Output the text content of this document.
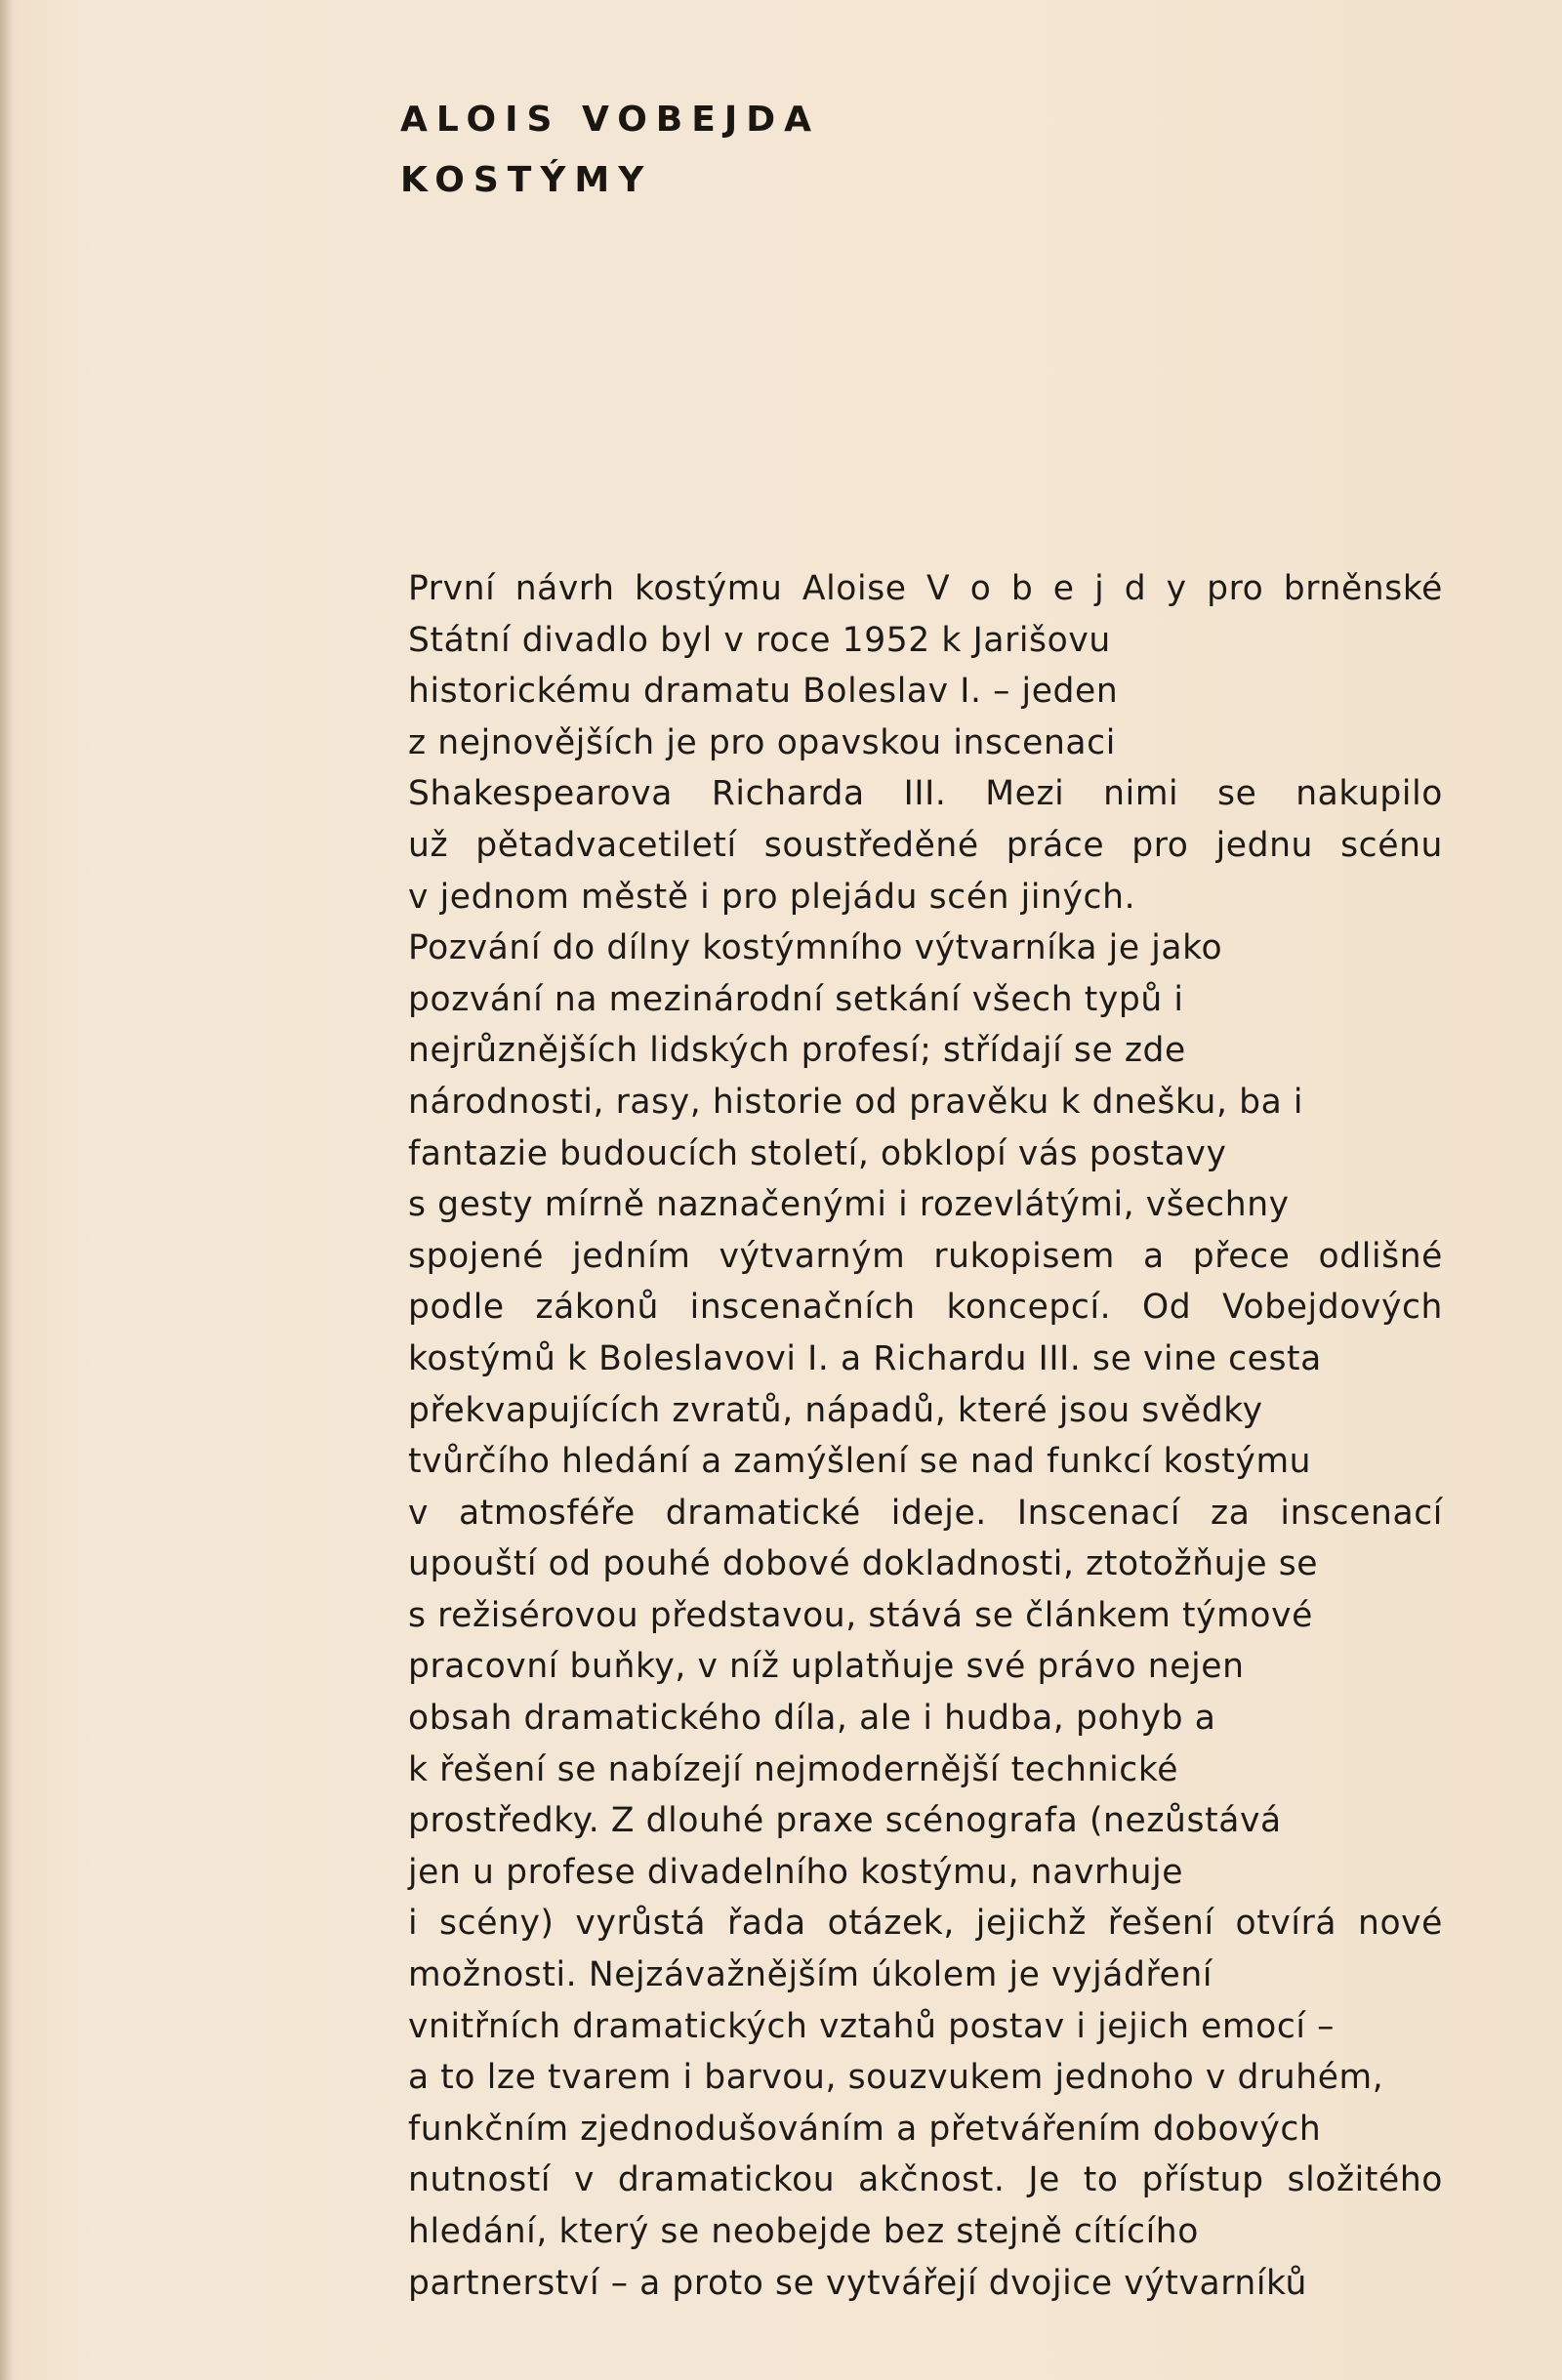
ALOIS VOBEJDA
KOSTÝMY
První návrh kostýmu Aloise V o b e j d y pro brněnské
Státní divadlo byl v roce 1952 k Jarišovu
historickému dramatu Boleslav I. – jeden
z nejnovějších je pro opavskou inscenaci
Shakespearova Richarda III. Mezi nimi se nakupilo
už pětadvacetiletí soustředěné práce pro jednu scénu
v jednom městě i pro plejádu scén jiných.
Pozvání do dílny kostýmního výtvarníka je jako
pozvání na mezinárodní setkání všech typů i
nejrůznějších lidských profesí; střídají se zde
národnosti, rasy, historie od pravěku k dnešku, ba i
fantazie budoucích století, obklopí vás postavy
s gesty mírně naznačenými i rozevlátými, všechny
spojené jedním výtvarným rukopisem a přece odlišné
podle zákonů inscenačních koncepcí. Od Vobejdových
kostýmů k Boleslavovi I. a Richardu III. se vine cesta
překvapujících zvratů, nápadů, které jsou svědky
tvůrčího hledání a zamýšlení se nad funkcí kostýmu
v atmosféře dramatické ideje. Inscenací za inscenací
upouští od pouhé dobové dokladnosti, ztotožňuje se
s režisérovou představou, stává se článkem týmové
pracovní buňky, v níž uplatňuje své právo nejen
obsah dramatického díla, ale i hudba, pohyb a
k řešení se nabízejí nejmodernější technické
prostředky. Z dlouhé praxe scénografa (nezůstává
jen u profese divadelního kostýmu, navrhuje
i scény) vyrůstá řada otázek, jejichž řešení otvírá nové
možnosti. Nejzávažnějším úkolem je vyjádření
vnitřních dramatických vztahů postav i jejich emocí –
a to lze tvarem i barvou, souzvukem jednoho v druhém,
funkčním zjednodušováním a přetvářením dobových
nutností v dramatickou akčnost. Je to přístup složitého
hledání, který se neobejde bez stejně cítícího
partnerství – a proto se vytvářejí dvojice výtvarníků
